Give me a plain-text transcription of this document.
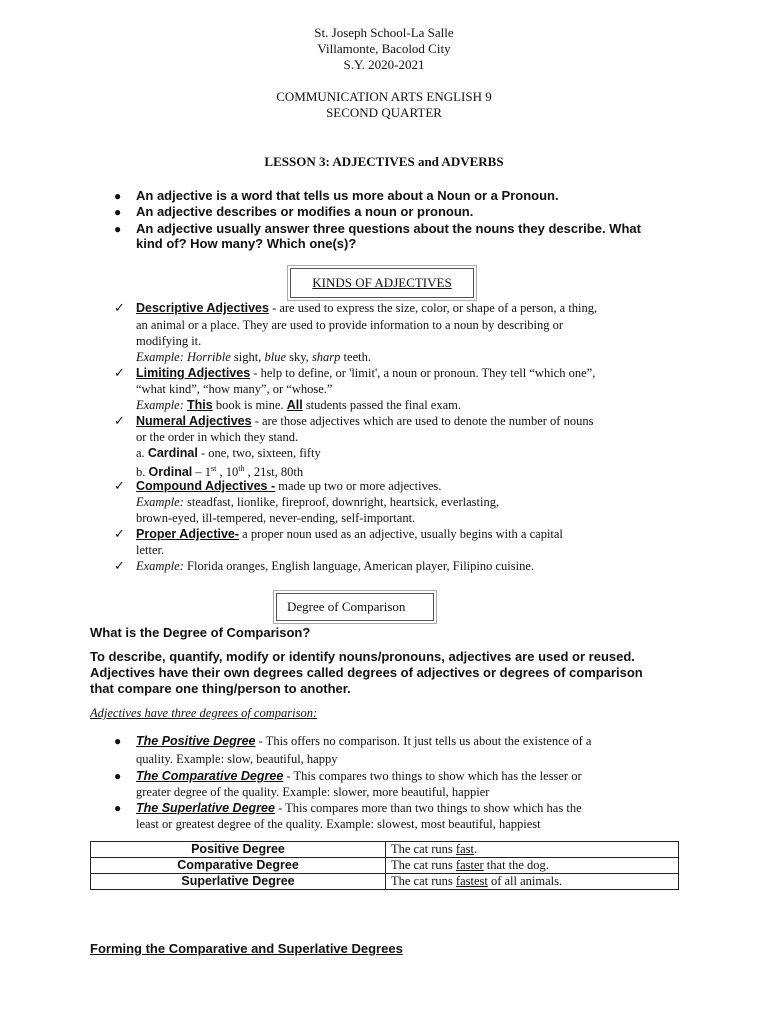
St. Joseph School-La Salle
Villamonte, Bacolod City
S.Y. 2020-2021
COMMUNICATION ARTS ENGLISH 9
SECOND QUARTER
LESSON 3: ADJECTIVES and ADVERBS
● An adjective is a word that tells us more about a Noun or a Pronoun.
● An adjective describes or modifies a noun or pronoun.
● An adjective usually answer three questions about the nouns they describe. What
kind of? How many? Which one(s)?
KINDS OF ADJECTIVES
✓ Descriptive Adjectives - are used to express the size, color, or shape of a person, a thing,
an animal or a place. They are used to provide information to a noun by describing or
modifying it.
Example: Horrible sight, blue sky, sharp teeth.
✓ Limiting Adjectives - help to define, or 'limit', a noun or pronoun. They tell “which one”,
“what kind”, “how many”, or “whose.”
Example: This book is mine. All students passed the final exam.
✓ Numeral Adjectives - are those adjectives which are used to denote the number of nouns
or the order in which they stand.
a. Cardinal - one, two, sixteen, fifty
b. Ordinal – 1st , 10th , 21st, 80th
✓ Compound Adjectives - made up two or more adjectives.
Example: steadfast, lionlike, fireproof, downright, heartsick, everlasting,
brown-eyed, ill-tempered, never-ending, self-important.
✓ Proper Adjective- a proper noun used as an adjective, usually begins with a capital
letter.
✓ Example: Florida oranges, English language, American player, Filipino cuisine.
Degree of Comparison
What is the Degree of Comparison?
To describe, quantify, modify or identify nouns/pronouns, adjectives are used or reused.
Adjectives have their own degrees called degrees of adjectives or degrees of comparison
that compare one thing/person to another.
Adjectives have three degrees of comparison:
● The Positive Degree - This offers no comparison. It just tells us about the existence of a
quality. Example: slow, beautiful, happy
● The Comparative Degree - This compares two things to show which has the lesser or
greater degree of the quality. Example: slower, more beautiful, happier
● The Superlative Degree - This compares more than two things to show which has the
least or greatest degree of the quality. Example: slowest, most beautiful, happiest
Positive Degree	The cat runs fast.
Comparative Degree	The cat runs faster that the dog.
Superlative Degree	The cat runs fastest of all animals.
Forming the Comparative and Superlative Degrees
